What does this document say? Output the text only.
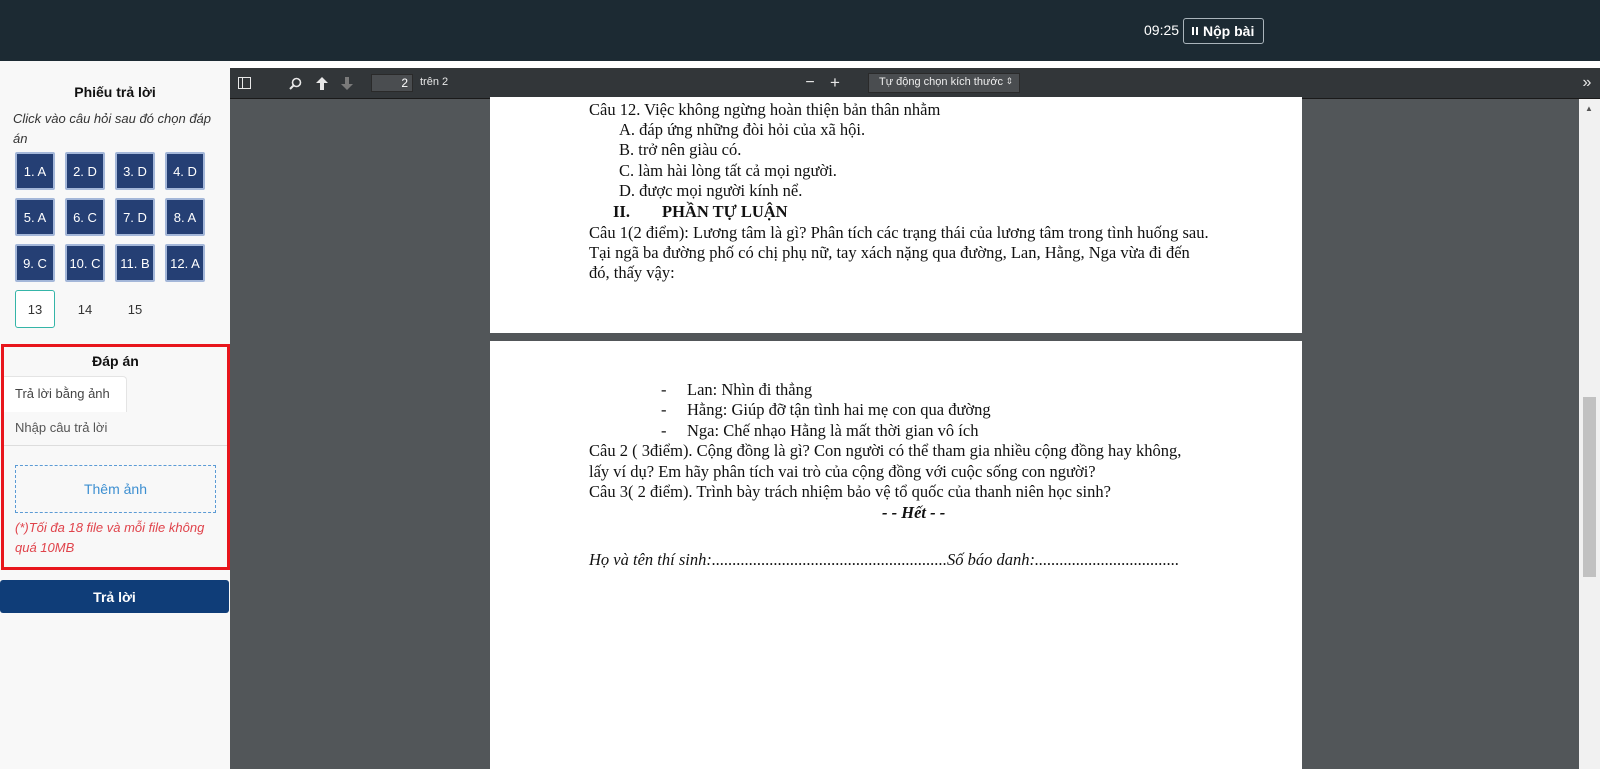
09:25 Nộp bài
Phiếu trả lời
Click vào câu hỏi sau đó chọn đáp án
1. A	2. D	3. D	4. D
5. A	6. C	7. D	8. A
9. C	10. C	11. B	12. A
13	14	15
Đáp án
Trả lời bằng ảnh
Nhập câu trả lời
Thêm ảnh
(*)Tối đa 18 file và mỗi file không quá 10MB
Trả lời
2	trên 2	− +	Tự động chọn kích thước ⇕	»
Câu 12. Việc không ngừng hoàn thiện bản thân nhằm
A. đáp ứng những đòi hỏi của xã hội.
B. trở nên giàu có.
C. làm hài lòng tất cả mọi người.
D. được mọi người kính nể.
II. PHẦN TỰ LUẬN
Câu 1(2 điểm): Lương tâm là gì? Phân tích các trạng thái của lương tâm trong tình huống sau.
Tại ngã ba đường phố có chị phụ nữ, tay xách nặng qua đường, Lan, Hằng, Nga vừa đi đến
đó, thấy vậy:
- Lan: Nhìn đi thẳng
- Hằng: Giúp đỡ tận tình hai mẹ con qua đường
- Nga: Chế nhạo Hằng là mất thời gian vô ích
Câu 2 ( 3điểm). Cộng đồng là gì? Con người có thể tham gia nhiều cộng đồng hay không,
lấy ví dụ? Em hãy phân tích vai trò của cộng đồng với cuộc sống con người?
Câu 3( 2 điểm). Trình bày trách nhiệm bảo vệ tổ quốc của thanh niên học sinh?
- - Hết - -
Họ và tên thí sinh:.........................................................Số báo danh:...................................
▲
